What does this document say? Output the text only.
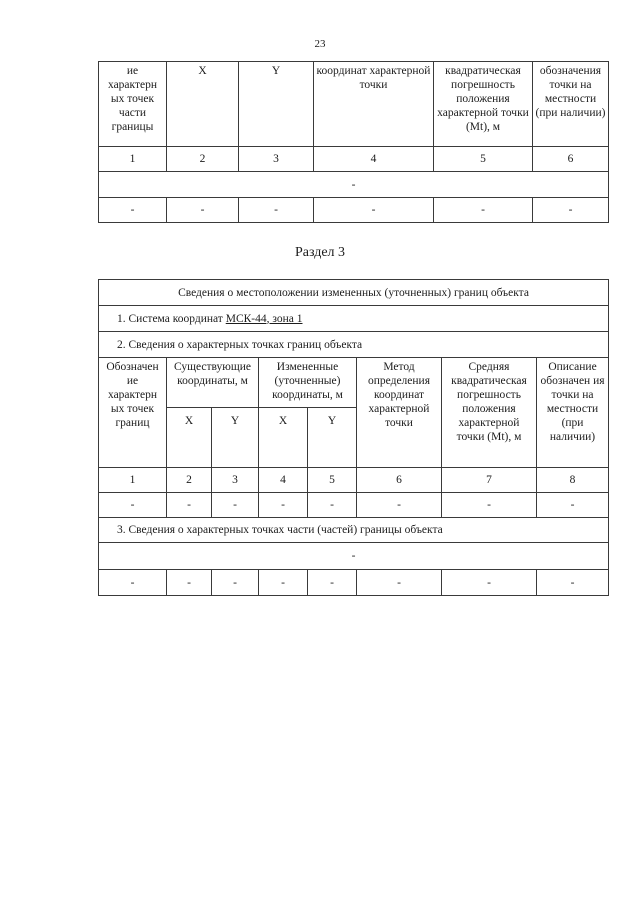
23
ие характерн ых точек части границы	X	Y	координат характерной точки	квадратическая погрешность положения характерной точки (Mt), м	обозначения точки на местности (при наличии)
1	2	3	4	5	6
-					
-	-	-	-	-	-
Раздел 3
Сведения о местоположении измененных (уточненных) границ объекта							
1. Система координат МСК-44, зона 1							
2. Сведения о характерных точках границ объекта							
Обозначен ие характерн ых точек границ	Существующие координаты, м		Измененные (уточненные) координаты, м		Метод определения координат характерной точки	Средняя квадратическая погрешность положения характерной точки (Mt), м	Описание обозначен ия точки на местности (при наличии)
	X	Y	X	Y			
1	2	3	4	5	6	7	8
-	-	-	-	-	-	-	-
3. Сведения о характерных точках части (частей) границы объекта							
-							
-	-	-	-	-	-	-	-
